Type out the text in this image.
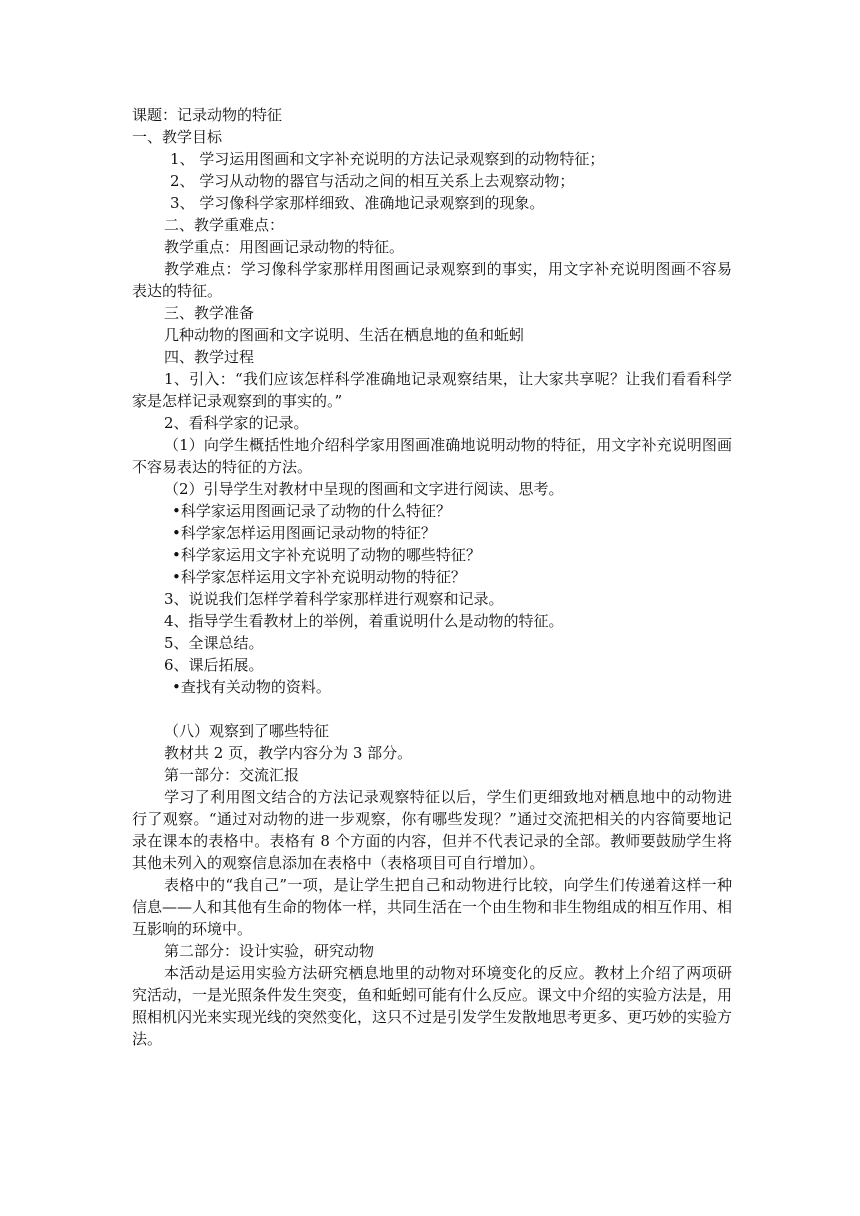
课题：记录动物的特征
一、教学目标
1、 学习运用图画和文字补充说明的方法记录观察到的动物特征；
2、 学习从动物的器官与活动之间的相互关系上去观察动物；
3、 学习像科学家那样细致、准确地记录观察到的现象。
二、教学重难点：
教学重点：用图画记录动物的特征。
教学难点：学习像科学家那样用图画记录观察到的事实，用文字补充说明图画不容易表达的特征。
三、教学准备
几种动物的图画和文字说明、生活在栖息地的鱼和蚯蚓
四、教学过程
1、引入：“我们应该怎样科学准确地记录观察结果，让大家共享呢？让我们看看科学家是怎样记录观察到的事实的。”
2、看科学家的记录。
（1）向学生概括性地介绍科学家用图画准确地说明动物的特征，用文字补充说明图画不容易表达的特征的方法。
（2）引导学生对教材中呈现的图画和文字进行阅读、思考。
•科学家运用图画记录了动物的什么特征？
•科学家怎样运用图画记录动物的特征？
•科学家运用文字补充说明了动物的哪些特征？
•科学家怎样运用文字补充说明动物的特征？
3、说说我们怎样学着科学家那样进行观察和记录。
4、指导学生看教材上的举例，着重说明什么是动物的特征。
5、全课总结。
6、课后拓展。
•查找有关动物的资料。
（八）观察到了哪些特征
教材共 2 页，教学内容分为 3 部分。
第一部分：交流汇报
学习了利用图文结合的方法记录观察特征以后，学生们更细致地对栖息地中的动物进行了观察。“通过对动物的进一步观察，你有哪些发现？”通过交流把相关的内容简要地记录在课本的表格中。表格有 8 个方面的内容，但并不代表记录的全部。教师要鼓励学生将其他未列入的观察信息添加在表格中（表格项目可自行增加）。
表格中的“我自己”一项，是让学生把自己和动物进行比较，向学生们传递着这样一种信息——人和其他有生命的物体一样，共同生活在一个由生物和非生物组成的相互作用、相互影响的环境中。
第二部分：设计实验，研究动物
本活动是运用实验方法研究栖息地里的动物对环境变化的反应。教材上介绍了两项研究活动，一是光照条件发生突变，鱼和蚯蚓可能有什么反应。课文中介绍的实验方法是，用照相机闪光来实现光线的突然变化，这只不过是引发学生发散地思考更多、更巧妙的实验方法。
